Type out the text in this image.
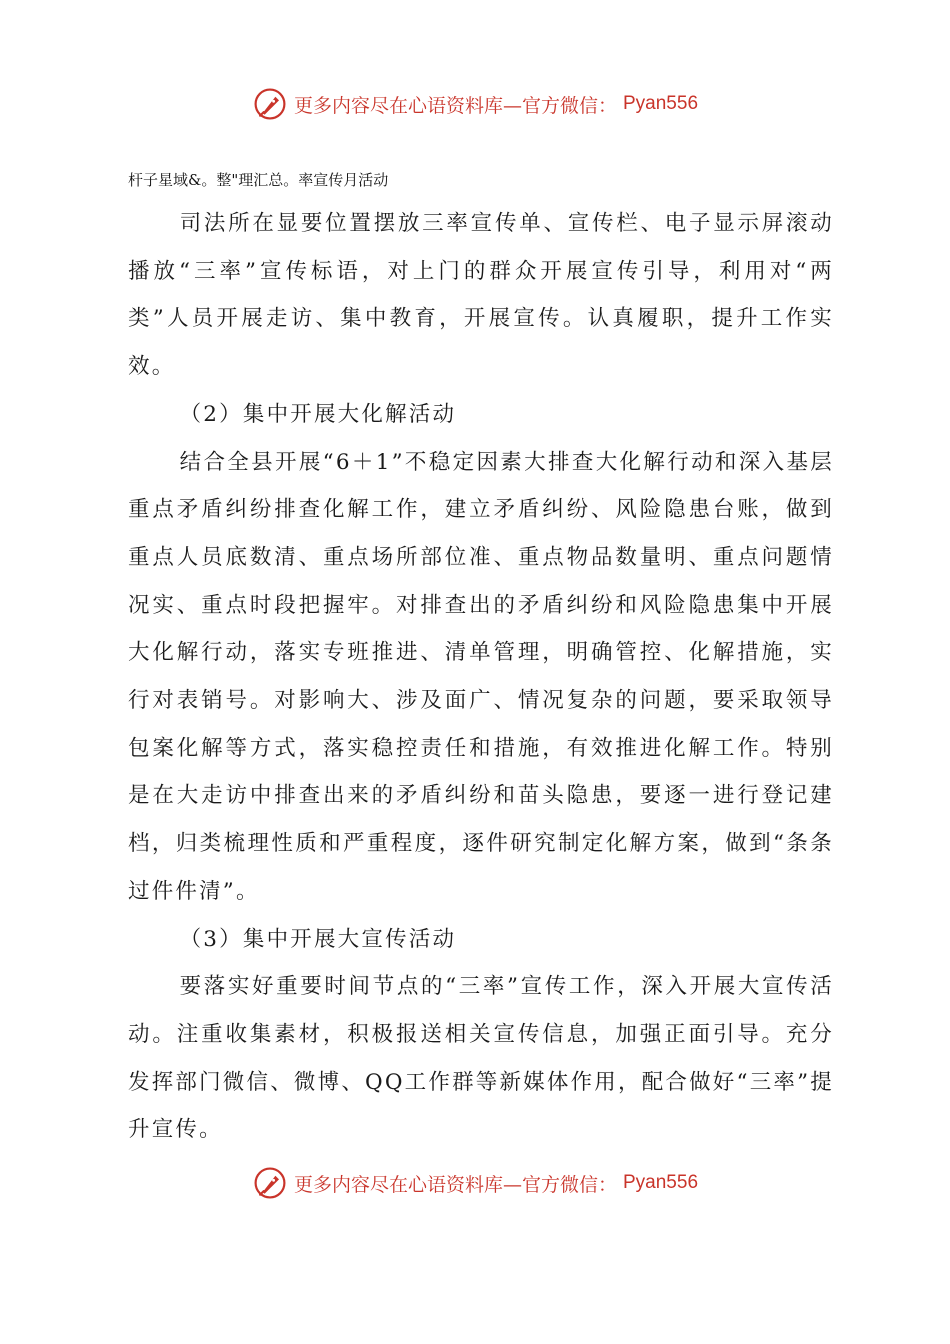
更多内容尽在心语资料库—官方微信： Pyan556
杆子星域&。整"理汇总。率宣传月活动

司法所在显要位置摆放三率宣传单、宣传栏、电子显示屏滚动播放“三率”宣传标语，对上门的群众开展宣传引导，利用对“两类”人员开展走访、集中教育，开展宣传。认真履职，提升工作实效。

（2）集中开展大化解活动

结合全县开展“6＋1”不稳定因素大排查大化解行动和深入基层重点矛盾纠纷排查化解工作，建立矛盾纠纷、风险隐患台账，做到重点人员底数清、重点场所部位准、重点物品数量明、重点问题情况实、重点时段把握牢。对排查出的矛盾纠纷和风险隐患集中开展大化解行动，落实专班推进、清单管理，明确管控、化解措施，实行对表销号。对影响大、涉及面广、情况复杂的问题，要采取领导包案化解等方式，落实稳控责任和措施，有效推进化解工作。特别是在大走访中排查出来的矛盾纠纷和苗头隐患，要逐一进行登记建档，归类梳理性质和严重程度，逐件研究制定化解方案，做到“条条过件件清”。

（3）集中开展大宣传活动

要落实好重要时间节点的“三率”宣传工作，深入开展大宣传活动。注重收集素材，积极报送相关宣传信息，加强正面引导。充分发挥部门微信、微博、QQ工作群等新媒体作用，配合做好“三率”提升宣传。

更多内容尽在心语资料库—官方微信： Pyan556
